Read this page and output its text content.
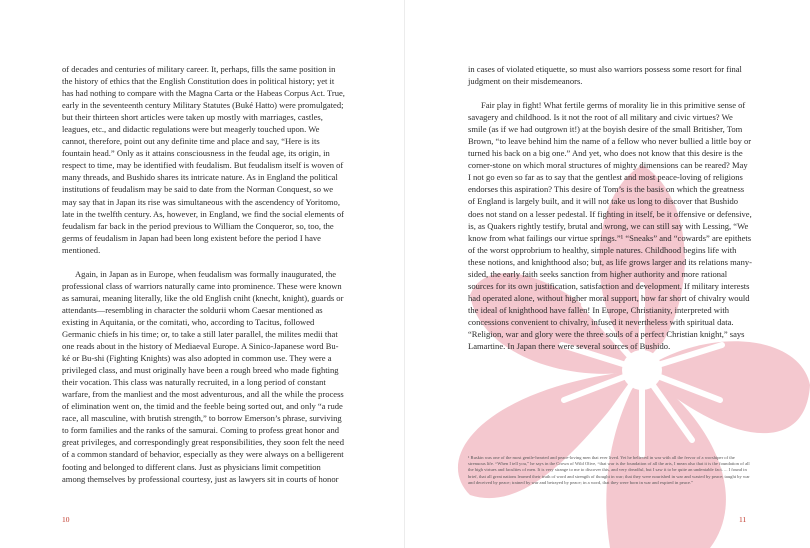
of decades and centuries of military career. It, perhaps, fills the same position in the history of ethics that the English Constitution does in political history; yet it has had nothing to compare with the Magna Carta or the Habeas Corpus Act. True, early in the seventeenth century Military Statutes (Buké Hatto) were promulgated; but their thirteen short articles were taken up mostly with marriages, castles, leagues, etc., and didactic regulations were but meagerly touched upon. We cannot, therefore, point out any definite time and place and say, “Here is its fountain head.” Only as it attains consciousness in the feudal age, its origin, in respect to time, may be identified with feudalism. But feudalism itself is woven of many threads, and Bushido shares its intricate nature. As in England the political institutions of feudalism may be said to date from the Norman Conquest, so we may say that in Japan its rise was simultaneous with the ascendency of Yoritomo, late in the twelfth century. As, however, in England, we find the social elements of feudalism far back in the period previous to William the Conqueror, so, too, the germs of feudalism in Japan had been long existent before the period I have mentioned.

Again, in Japan as in Europe, when feudalism was formally inaugurated, the professional class of warriors naturally came into prominence. These were known as samurai, meaning literally, like the old English cniht (knecht, knight), guards or attendants—resembling in character the soldurii whom Caesar mentioned as existing in Aquitania, or the comitati, who, according to Tacitus, followed Germanic chiefs in his time; or, to take a still later parallel, the milites medii that one reads about in the history of Mediaeval Europe. A Sinico-Japanese word Bu-ké or Bu-shi (Fighting Knights) was also adopted in common use. They were a privileged class, and must originally have been a rough breed who made fighting their vocation. This class was naturally recruited, in a long period of constant warfare, from the manliest and the most adventurous, and all the while the process of elimination went on, the timid and the feeble being sorted out, and only “a rude race, all masculine, with brutish strength,” to borrow Emerson’s phrase, surviving to form families and the ranks of the samurai. Coming to profess great honor and great privileges, and correspondingly great responsibilities, they soon felt the need of a common standard of behavior, especially as they were always on a belligerent footing and belonged to different clans. Just as physicians limit competition among themselves by professional courtesy, just as lawyers sit in courts of honor

10

in cases of violated etiquette, so must also warriors possess some resort for final judgment on their misdemeanors.

Fair play in fight! What fertile germs of morality lie in this primitive sense of savagery and childhood. Is it not the root of all military and civic virtues? We smile (as if we had outgrown it!) at the boyish desire of the small Britisher, Tom Brown, “to leave behind him the name of a fellow who never bullied a little boy or turned his back on a big one.” And yet, who does not know that this desire is the corner-stone on which moral structures of mighty dimensions can be reared? May I not go even so far as to say that the gentlest and most peace-loving of religions endorses this aspiration? This desire of Tom’s is the basis on which the greatness of England is largely built, and it will not take us long to discover that Bushido does not stand on a lesser pedestal. If fighting in itself, be it offensive or defensive, is, as Quakers rightly testify, brutal and wrong, we can still say with Lessing, “We know from what failings our virtue springs.”¹ “Sneaks” and “cowards” are epithets of the worst opprobrium to healthy, simple natures. Childhood begins life with these notions, and knighthood also; but, as life grows larger and its relations many-sided, the early faith seeks sanction from higher authority and more rational sources for its own justification, satisfaction and development. If military interests had operated alone, without higher moral support, how far short of chivalry would the ideal of knighthood have fallen! In Europe, Christianity, interpreted with concessions convenient to chivalry, infused it nevertheless with spiritual data. “Religion, war and glory were the three souls of a perfect Christian knight,” says Lamartine. In Japan there were several sources of Bushido.

¹ Ruskin was one of the most gentle-hearted and peace-loving men that ever lived. Yet he believed in war with all the fervor of a worshiper of the strenuous life. “When I tell you,” he says in the Crown of Wild Olive, “that war is the foundation of all the arts, I mean also that it is the foundation of all the high virtues and faculties of men. It is very strange to me to discover this, and very dreadful, but I saw it to be quite an undeniable fact. ... I found in brief, that all great nations learned their truth of word and strength of thought in war; that they were nourished in war and wasted by peace; taught by war and deceived by peace; trained by war and betrayed by peace; in a word, that they were born in war and expired in peace.”
11
